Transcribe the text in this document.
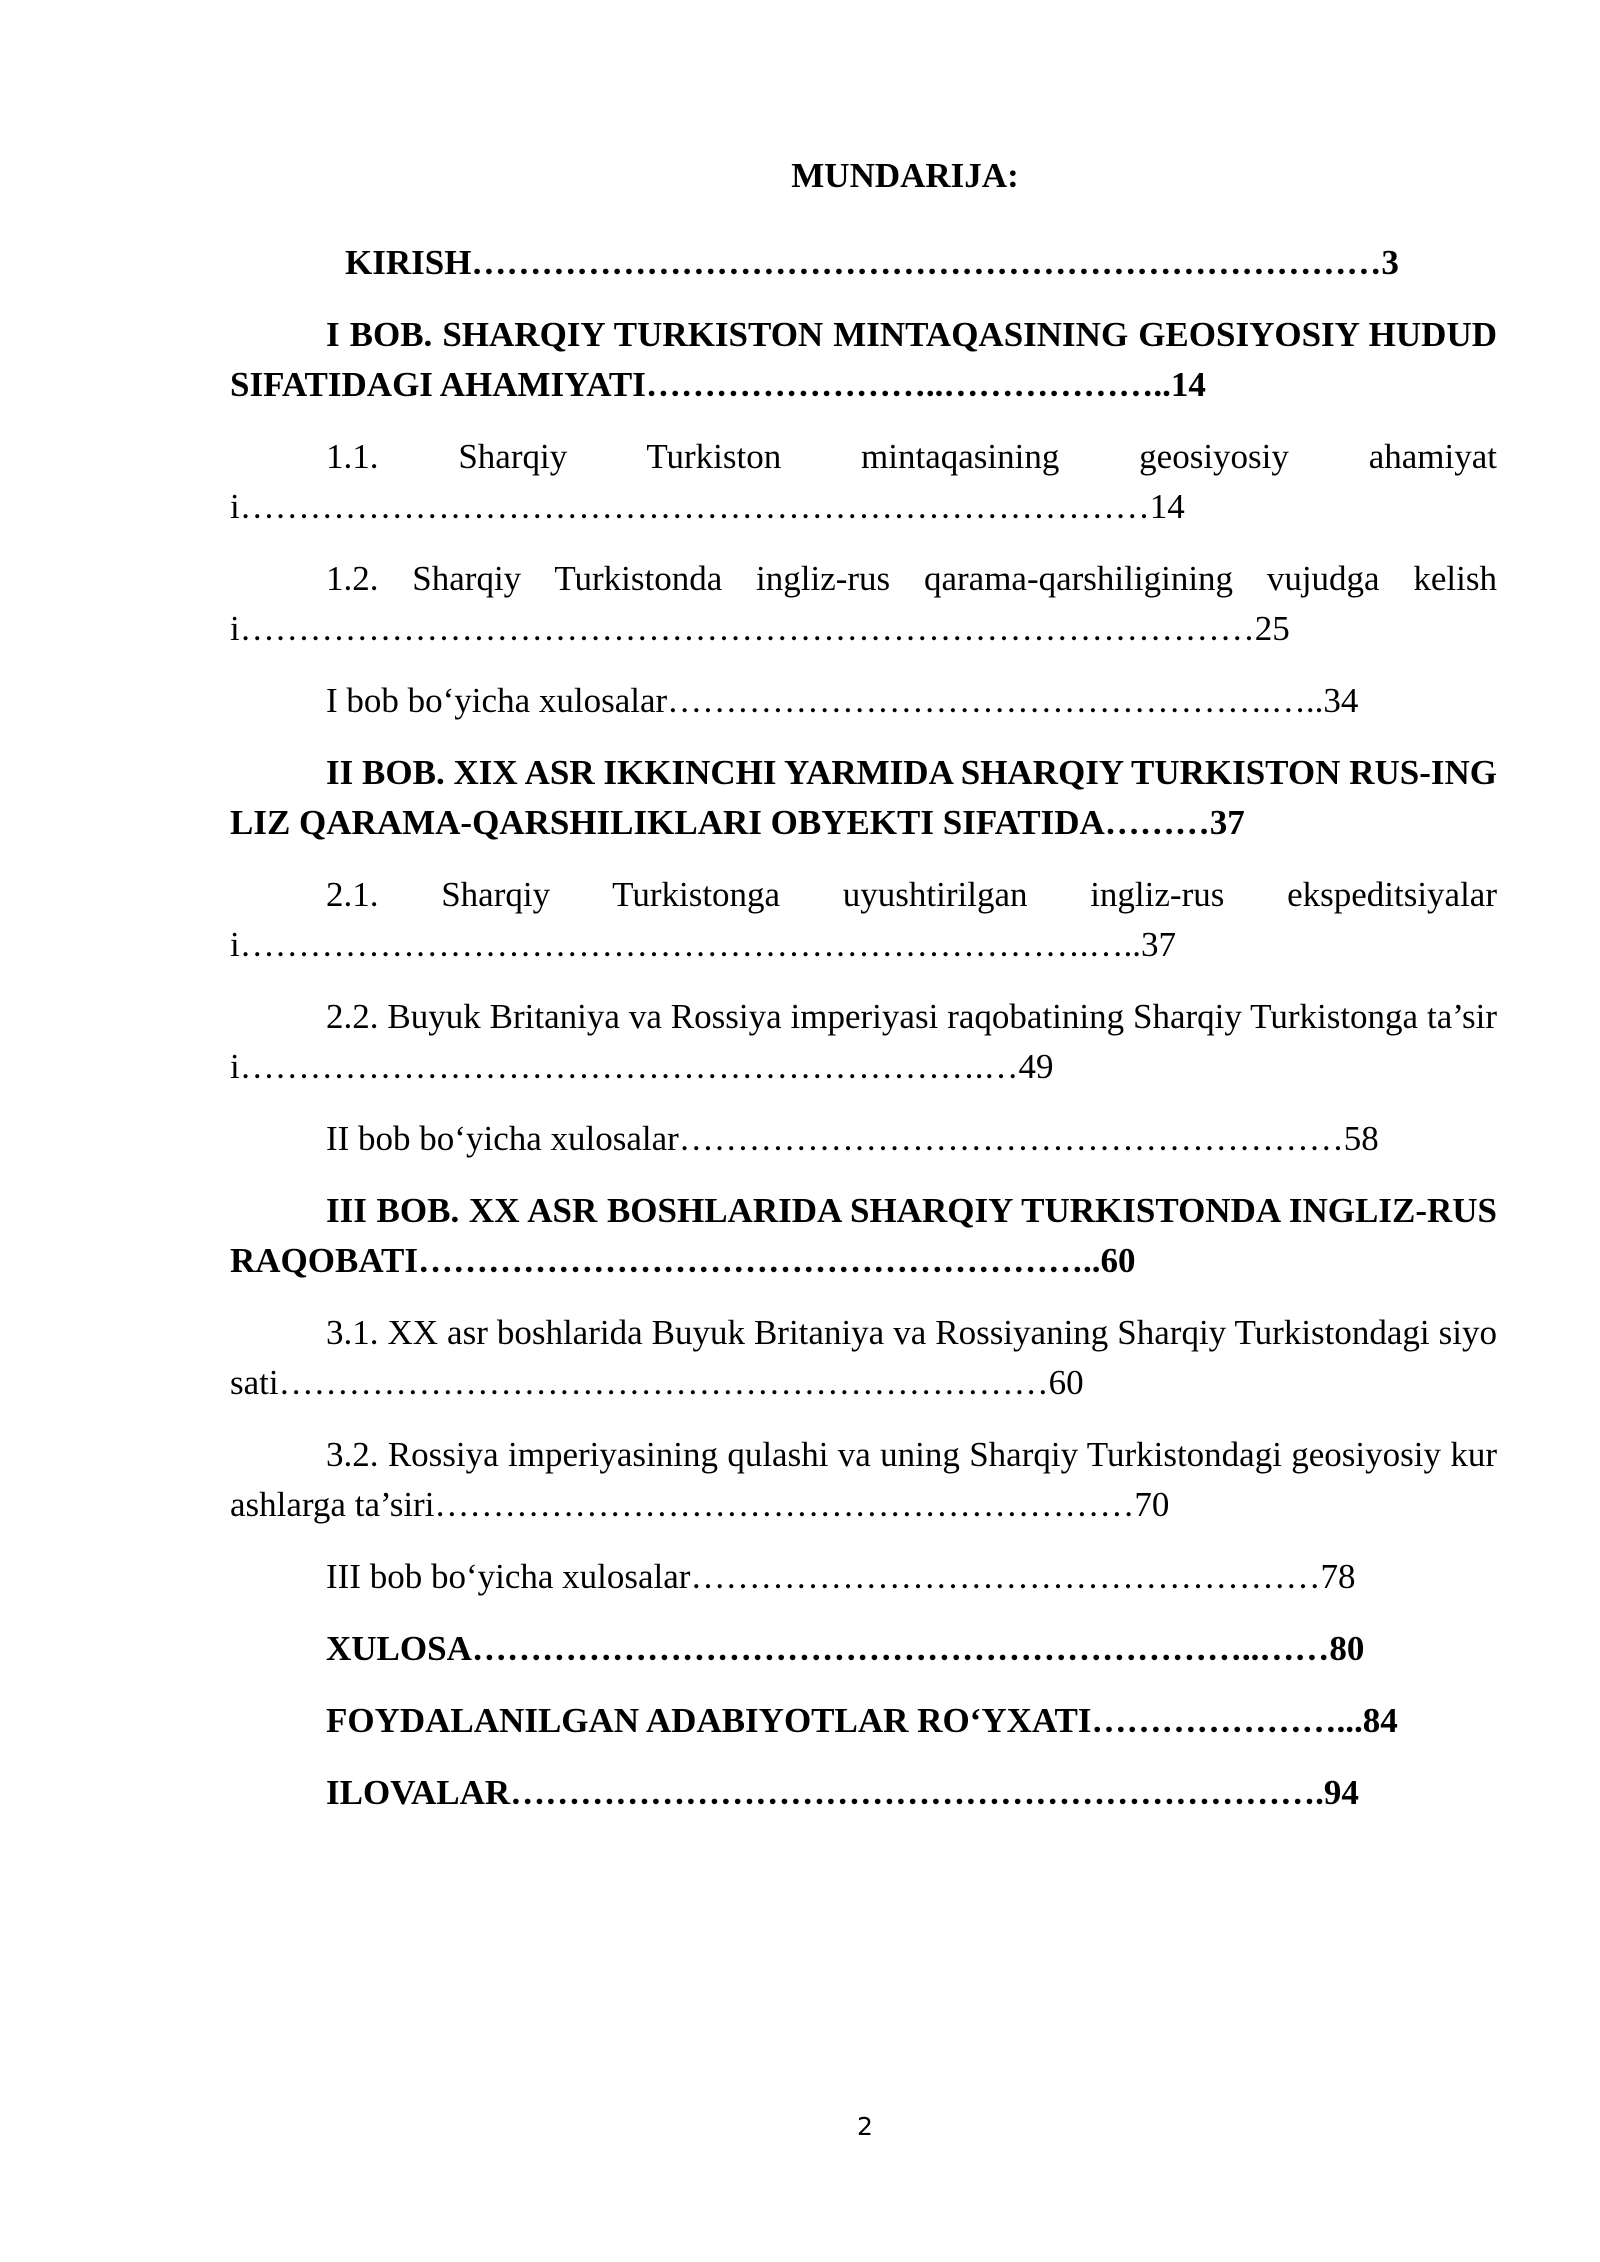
MUNDARIJA:

KIRISH……………………………………………………………………3

I BOB. SHARQIY TURKISTON MINTAQASINING GEOSIYOSIY HUDUD SIFATIDAGI AHAMIYATI……………………..………………..14

1.1. Sharqiy Turkiston mintaqasining geosiyosiy ahamiyati……………………………………………………………………14

1.2. Sharqiy Turkistonda ingliz-rus qarama-qarshiligining vujudga kelishi……………………………………………………………………………25

I bob bo‘yicha xulosalar…………………………………………….…..34

II BOB. XIX ASR IKKINCHI YARMIDA SHARQIY TURKISTON RUS-INGLIZ QARAMA-QARSHILIKLARI OBYEKTI SIFATIDA………37

2.1. Sharqiy Turkistonga uyushtirilgan ingliz-rus ekspeditsiyalari……………………………………………………………….…..37

2.2. Buyuk Britaniya va Rossiya imperiyasi raqobatining Sharqiy Turkistonga ta’siri……………………………………………………….…49

II bob bo‘yicha xulosalar…………………………………………………58

III BOB. XX ASR BOSHLARIDA SHARQIY TURKISTONDA INGLIZ-RUS RAQOBATI…………………………………………………..60

3.1. XX asr boshlarida Buyuk Britaniya va Rossiyaning Sharqiy Turkistondagi siyosati…………………………………………………………60

3.2. Rossiya imperiyasining qulashi va uning Sharqiy Turkistondagi geosiyosiy kurashlarga ta’siri……………………………………………………70

III bob bo‘yicha xulosalar………………………………………………78

XULOSA…………………………………………………………..……80

FOYDALANILGAN ADABIYOTLAR RO‘YXATI…………………...84

ILOVALAR…………………………………………………………….94

2
